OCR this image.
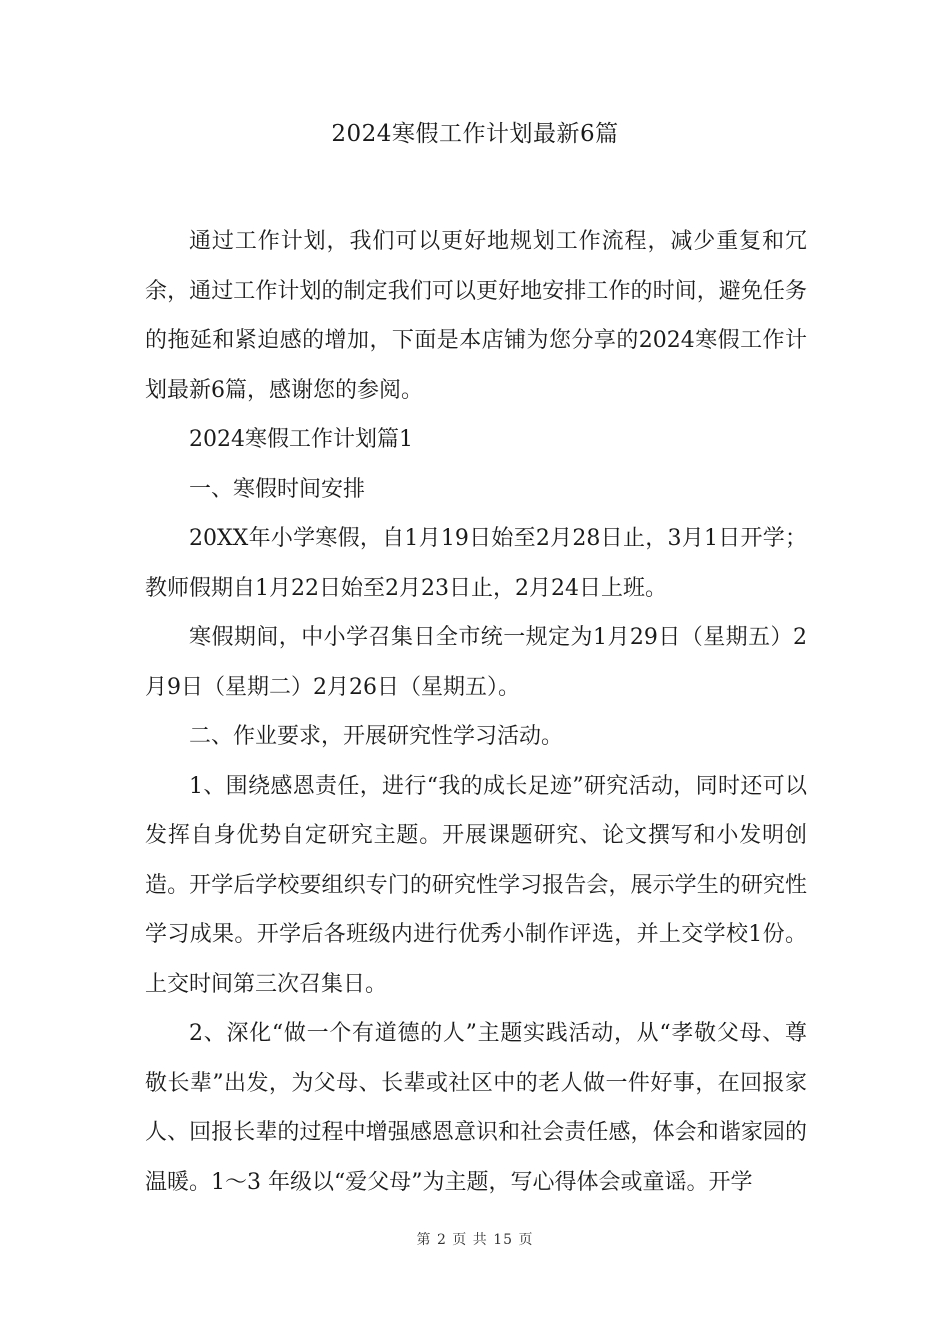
2024寒假工作计划最新6篇

通过工作计划，我们可以更好地规划工作流程，减少重复和冗余，通过工作计划的制定我们可以更好地安排工作的时间，避免任务的拖延和紧迫感的增加，下面是本店铺为您分享的2024寒假工作计划最新6篇，感谢您的参阅。

2024寒假工作计划篇1

一、寒假时间安排

20XX年小学寒假，自1月19日始至2月28日止，3月1日开学；教师假期自1月22日始至2月23日止，2月24日上班。

寒假期间，中小学召集日全市统一规定为1月29日（星期五）2月9日（星期二）2月26日（星期五）。

二、作业要求，开展研究性学习活动。

1、围绕感恩责任，进行“我的成长足迹”研究活动，同时还可以发挥自身优势自定研究主题。开展课题研究、论文撰写和小发明创造。开学后学校要组织专门的研究性学习报告会，展示学生的研究性学习成果。开学后各班级内进行优秀小制作评选，并上交学校1份。上交时间第三次召集日。

2、深化“做一个有道德的人”主题实践活动，从“孝敬父母、尊敬长辈”出发，为父母、长辈或社区中的老人做一件好事，在回报家人、回报长辈的过程中增强感恩意识和社会责任感，体会和谐家园的温暖。1～3 年级以“爱父母”为主题，写心得体会或童谣。开学

第 2 页 共 15 页
